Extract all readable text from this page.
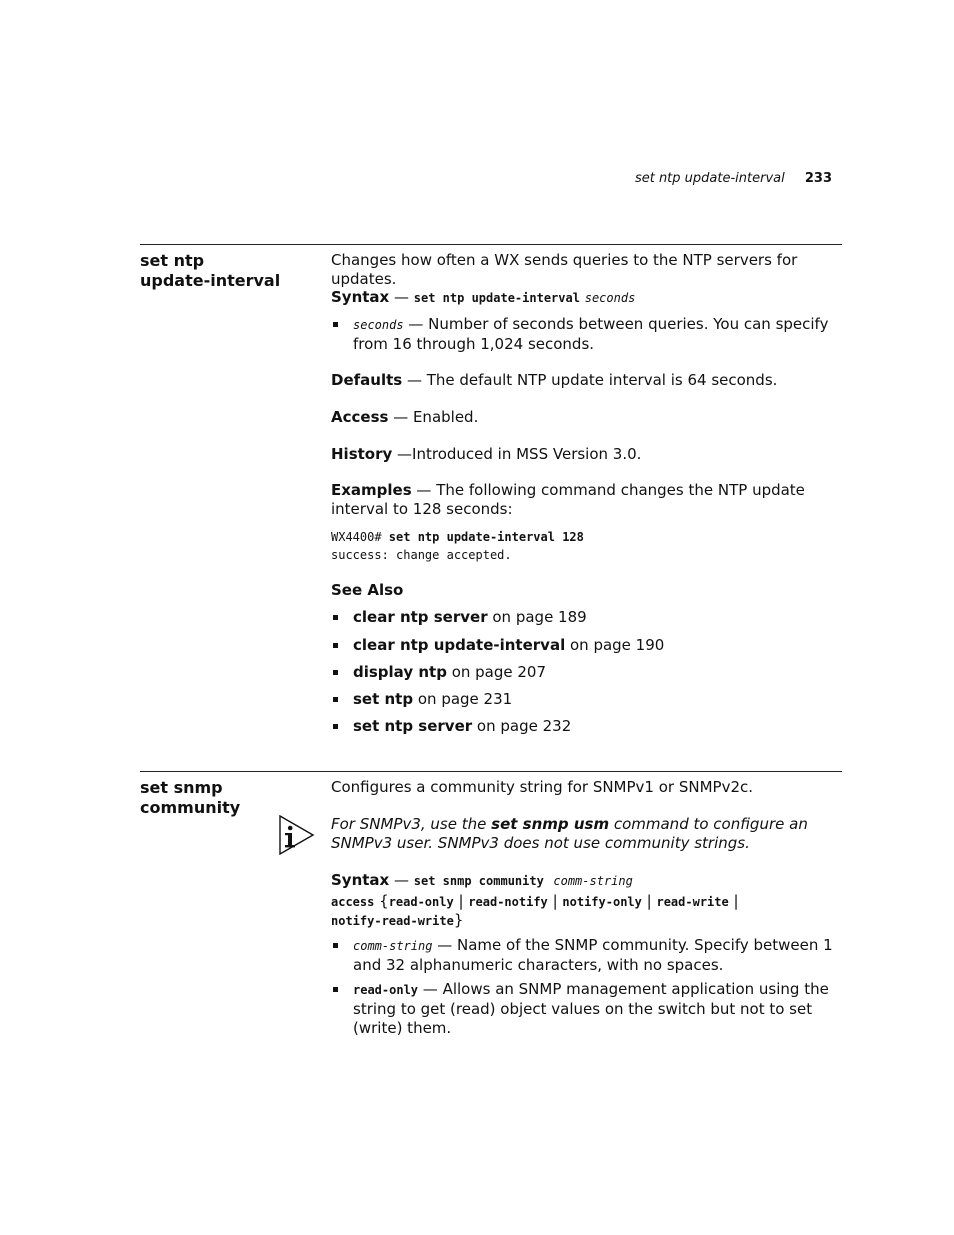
set ntp update-interval 233
set ntp
update-interval

Changes how often a WX sends queries to the NTP servers for updates.

Syntax — set ntp update-interval seconds

seconds — Number of seconds between queries. You can specify from 16 through 1,024 seconds.

Defaults — The default NTP update interval is 64 seconds.
Access — Enabled.
History —Introduced in MSS Version 3.0.
Examples — The following command changes the NTP update interval to 128 seconds:
WX4400# set ntp update-interval 128
success: change accepted.
See Also

clear ntp server on page 189

clear ntp update-interval on page 190

display ntp on page 207

set ntp on page 231

set ntp server on page 232

set snmp
community
Configures a community string for SNMPv1 or SNMPv2c.
For SNMPv3, use the set snmp usm command to configure an SNMPv3 user. SNMPv3 does not use community strings.
Syntax — set snmp community comm-string
access {read-only | read-notify | notify-only | read-write |
notify-read-write}

comm-string — Name of the SNMP community. Specify between 1 and 32 alphanumeric characters, with no spaces.

read-only — Allows an SNMP management application using the string to get (read) object values on the switch but not to set (write) them.
